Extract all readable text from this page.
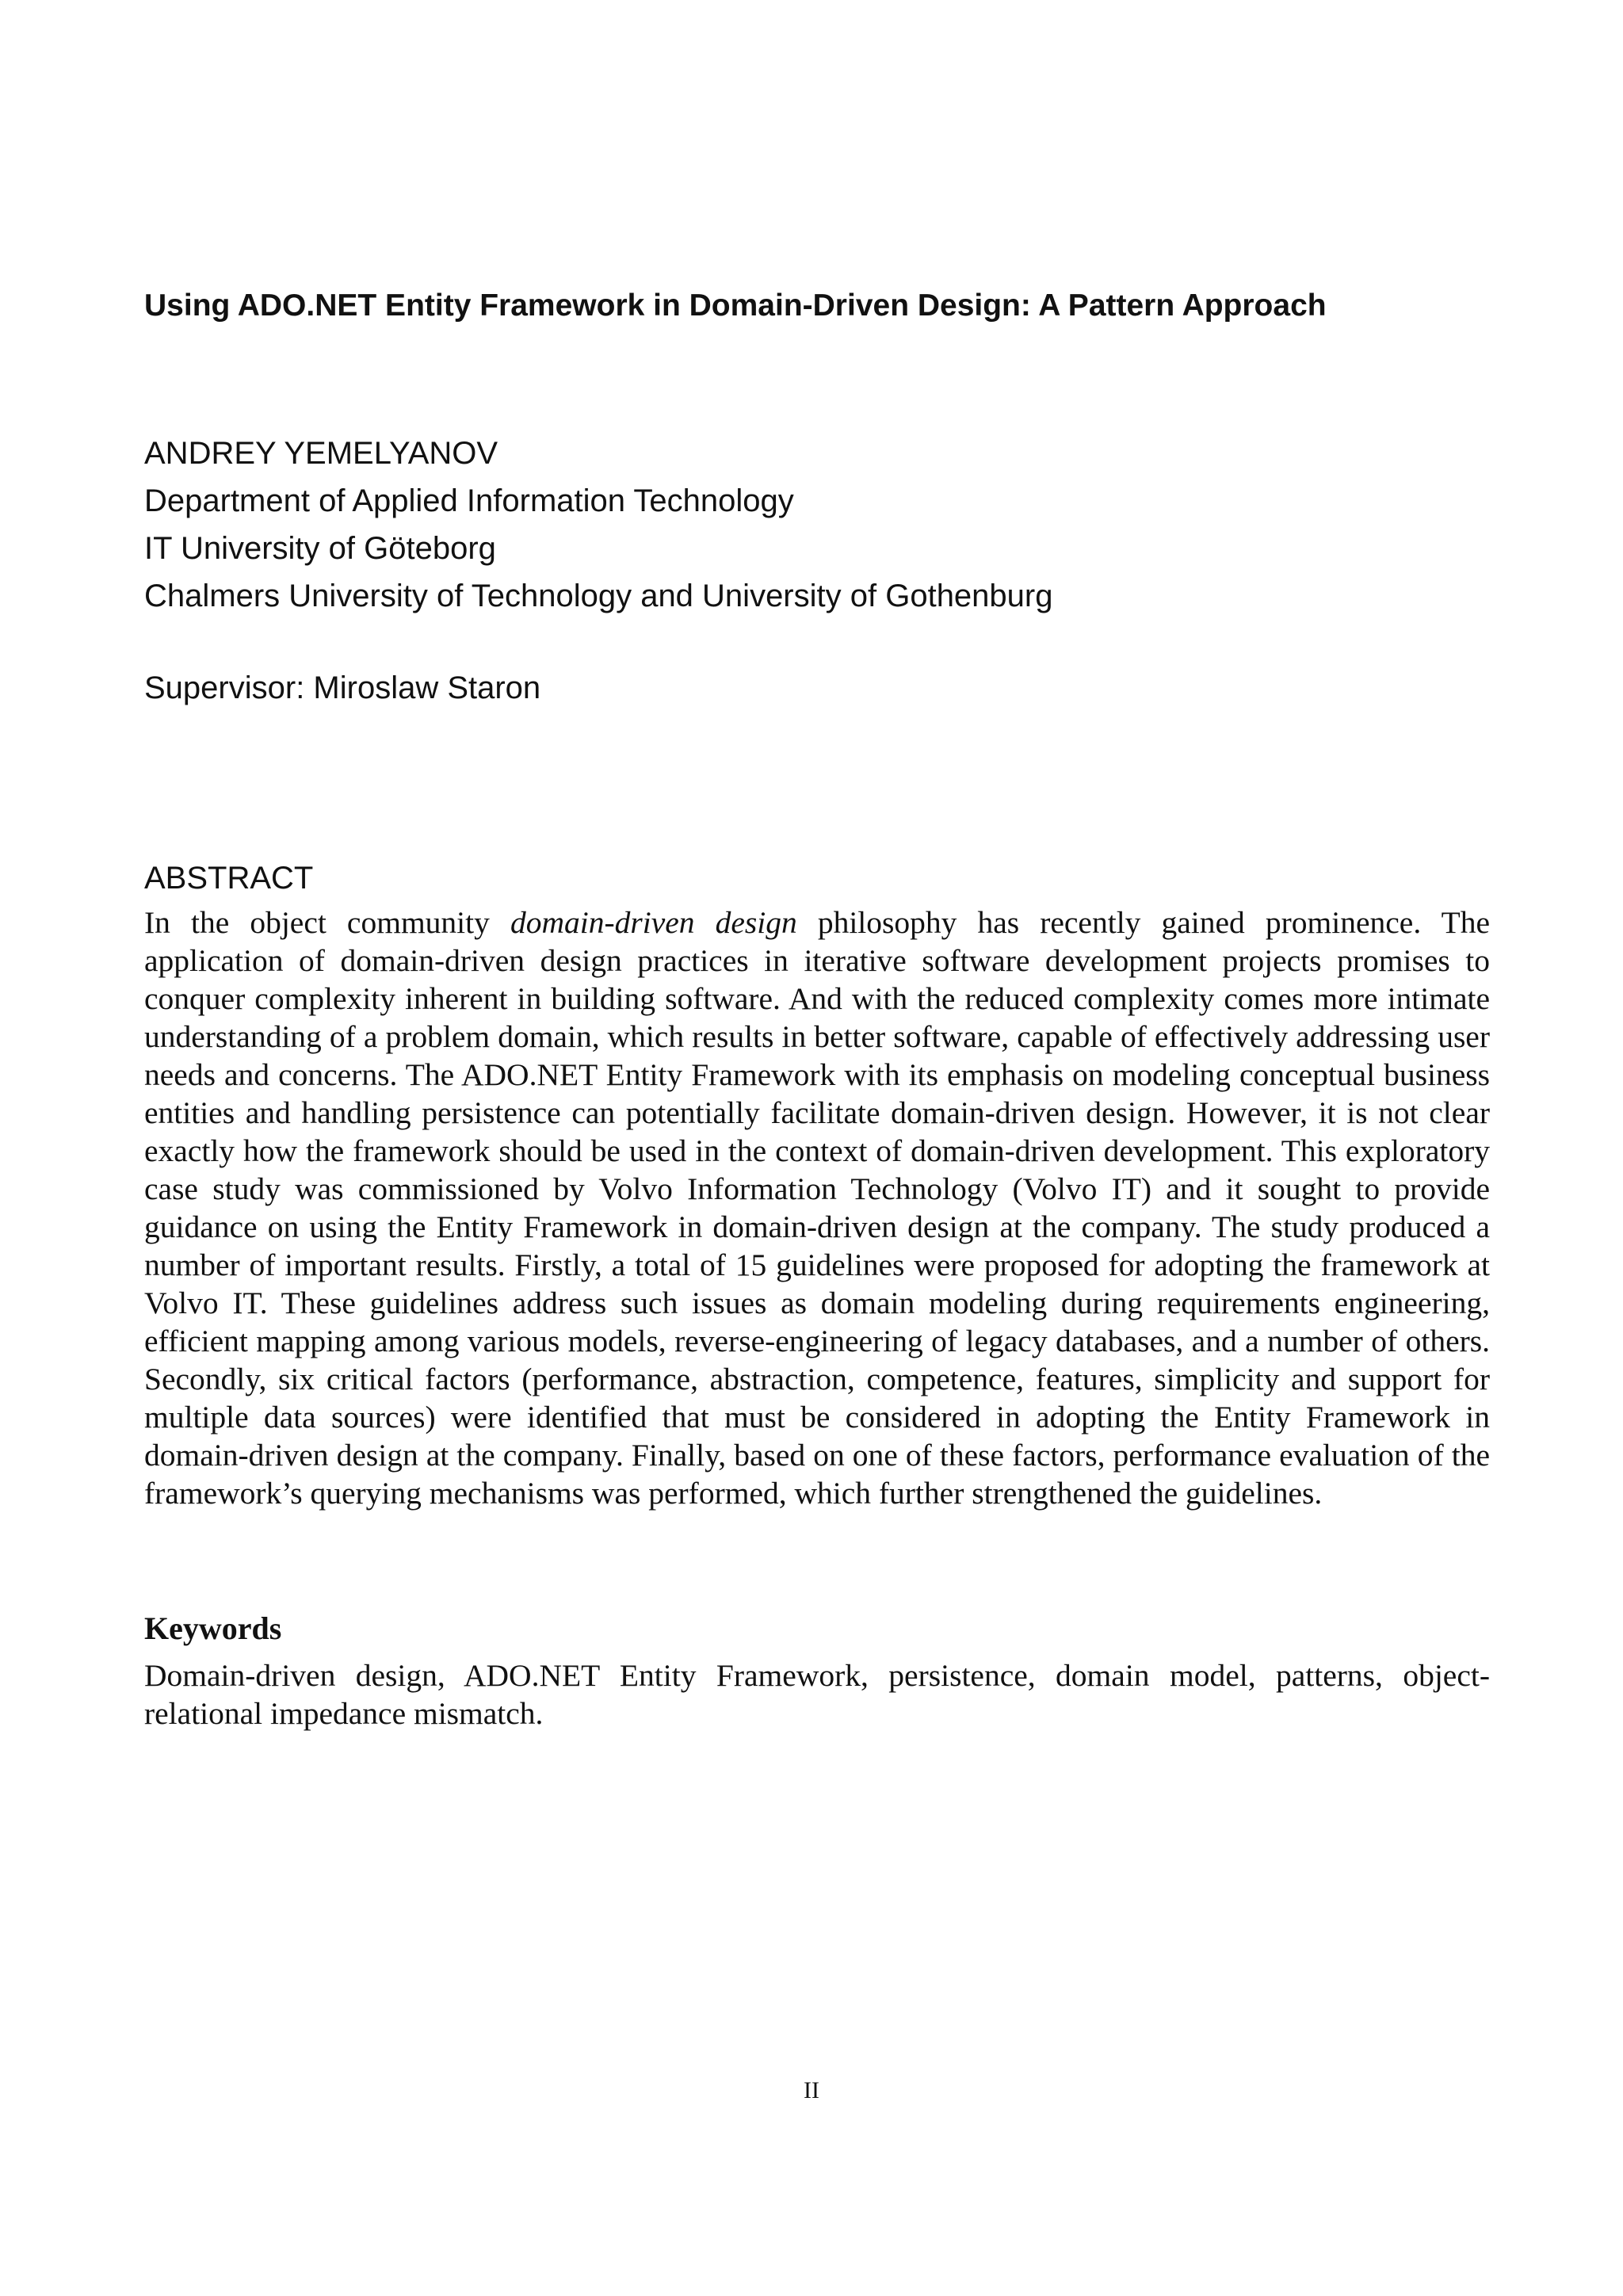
Using ADO.NET Entity Framework in Domain-Driven Design: A Pattern Approach
ANDREY YEMELYANOV
Department of Applied Information Technology
IT University of Göteborg
Chalmers University of Technology and University of Gothenburg
Supervisor: Miroslaw Staron
ABSTRACT
In the object community domain-driven design philosophy has recently gained prominence. The application of domain-driven design practices in iterative software development projects promises to conquer complexity inherent in building software. And with the reduced complexity comes more intimate understanding of a problem domain, which results in better software, capable of effectively addressing user needs and concerns. The ADO.NET Entity Framework with its emphasis on modeling conceptual business entities and handling persistence can potentially facilitate domain-driven design. However, it is not clear exactly how the framework should be used in the context of domain-driven development. This exploratory case study was commissioned by Volvo Information Technology (Volvo IT) and it sought to provide guidance on using the Entity Framework in domain-driven design at the company. The study produced a number of important results. Firstly, a total of 15 guidelines were proposed for adopting the framework at Volvo IT. These guidelines address such issues as domain modeling during requirements engineering, efficient mapping among various models, reverse-engineering of legacy databases, and a number of others. Secondly, six critical factors (performance, abstraction, competence, features, simplicity and support for multiple data sources) were identified that must be considered in adopting the Entity Framework in domain-driven design at the company. Finally, based on one of these factors, performance evaluation of the framework’s querying mechanisms was performed, which further strengthened the guidelines.
Keywords
Domain-driven design, ADO.NET Entity Framework, persistence, domain model, patterns, object-relational impedance mismatch.
II
